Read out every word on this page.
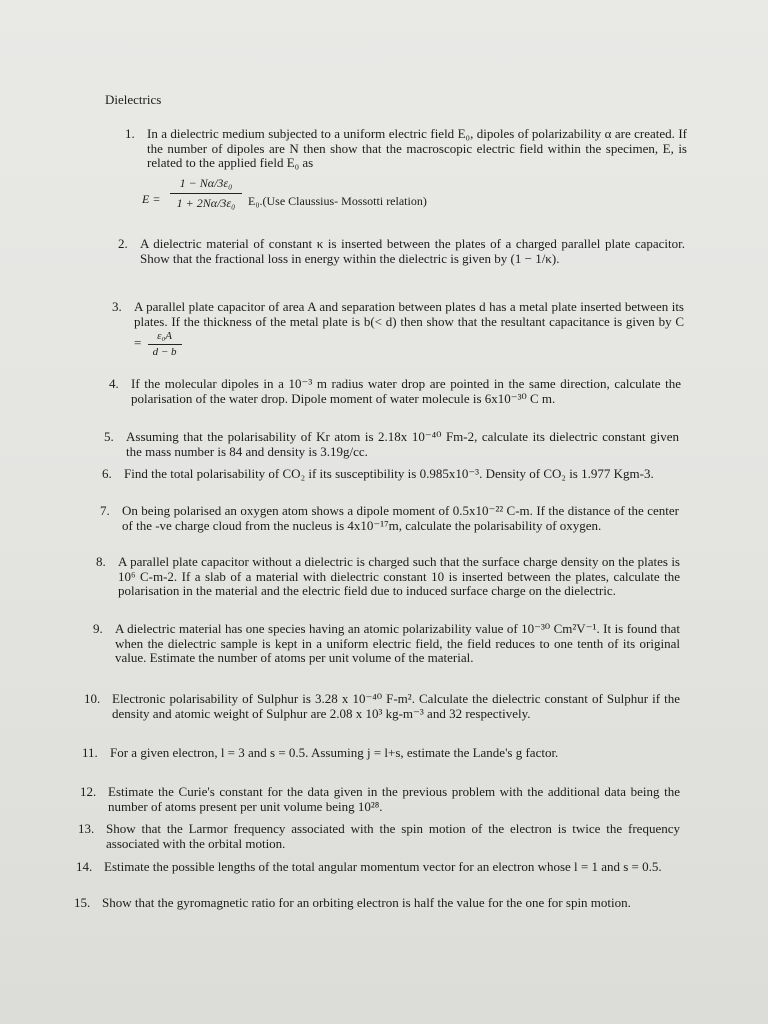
Dielectrics
1. In a dielectric medium subjected to a uniform electric field E₀, dipoles of polarizability α are created. If the number of dipoles are N then show that the macroscopic electric field within the specimen, E, is related to the applied field E₀ as
E =
1 − Nα/3ε₀
1 + 2Nα/3ε₀	E₀.(Use Claussius- Mossotti relation)
2. A dielectric material of constant κ is inserted between the plates of a charged parallel plate capacitor. Show that the fractional loss in energy within the dielectric is given by (1 − 1/κ).
3. A parallel plate capacitor of area A and separation between plates d has a metal plate inserted between its plates. If the thickness of the metal plate is b(< d) then show that the resultant capacitance is given by $C = \frac{\text{ε₀A}}{d - b}$
4. If the molecular dipoles in a 10⁻³ m radius water drop are pointed in the same direction, calculate the polarisation of the water drop. Dipole moment of water molecule is 6x10⁻³⁰ C m.
5. Assuming that the polarisability of Kr atom is 2.18x 10⁻⁴⁰ Fm-2, calculate its dielectric constant given the mass number is 84 and density is 3.19g/cc.
6. Find the total polarisability of CO₂ if its susceptibility is 0.985x10⁻³. Density of CO₂ is 1.977 Kgm-3.
7. On being polarised an oxygen atom shows a dipole moment of 0.5x10⁻²² C-m. If the distance of the center of the -ve charge cloud from the nucleus is 4x10⁻¹⁷m, calculate the polarisability of oxygen.
8. A parallel plate capacitor without a dielectric is charged such that the surface charge density on the plates is 10⁶ C-m-2. If a slab of a material with dielectric constant 10 is inserted between the plates, calculate the polarisation in the material and the electric field due to induced surface charge on the dielectric.
9. A dielectric material has one species having an atomic polarizability value of 10⁻³⁰ Cm²V⁻¹. It is found that when the dielectric sample is kept in a uniform electric field, the field reduces to one tenth of its original value. Estimate the number of atoms per unit volume of the material.
10. Electronic polarisability of Sulphur is 3.28 x 10⁻⁴⁰ F-m². Calculate the dielectric constant of Sulphur if the density and atomic weight of Sulphur are 2.08 x 10³ kg-m⁻³ and 32 respectively.
11. For a given electron, l = 3 and s = 0.5. Assuming j = l+s, estimate the Lande's g factor.
12. Estimate the Curie's constant for the data given in the previous problem with the additional data being the number of atoms present per unit volume being 10²⁸.
13. Show that the Larmor frequency associated with the spin motion of the electron is twice the frequency associated with the orbital motion.
14. Estimate the possible lengths of the total angular momentum vector for an electron whose l = 1 and s = 0.5.
15. Show that the gyromagnetic ratio for an orbiting electron is half the value for the one for spin motion.
